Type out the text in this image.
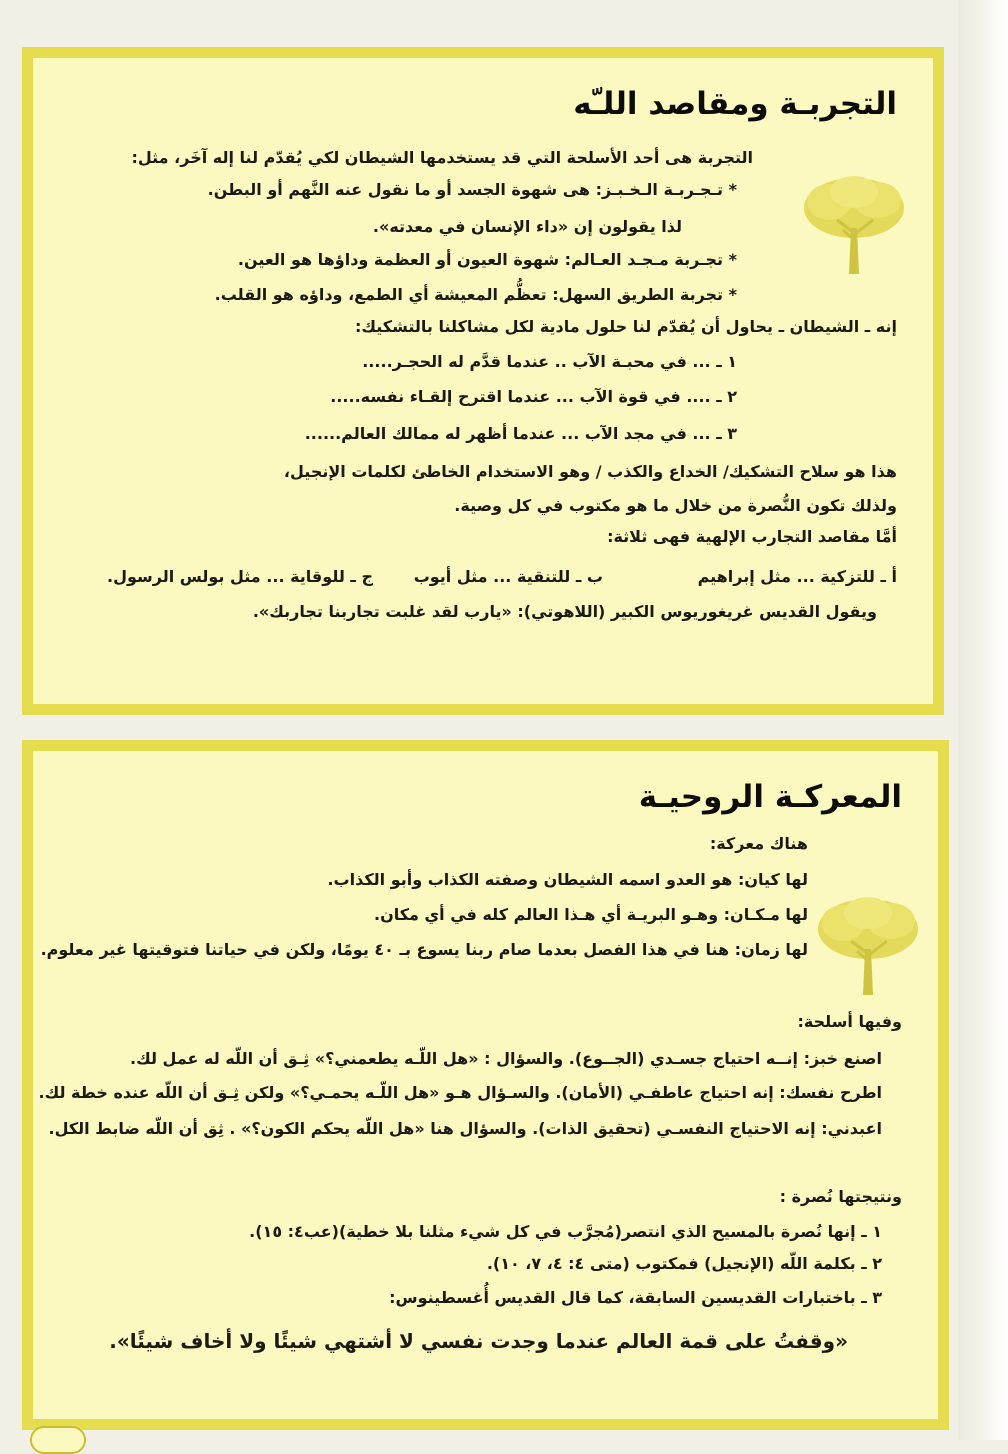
التجربـة ومقاصد اللـّه
التجربة هى أحد الأسلحة التي قد يستخدمها الشيطان لكي يُقدّم لنا إله آخَر، مثل:
* تـجـربـة الـخـبـز: هى شهوة الجسد أو ما نقول عنه النَّهم أو البطن.
لذا يقولون إن «داء الإنسان في معدته».
* تجـربة مـجـد العـالم: شهوة العيون أو العظمة وداؤها هو العين.
* تجربة الطريق السهل: تعظُّم المعيشة أي الطمع، وداؤه هو القلب.
إنه ـ الشيطان ـ يحاول أن يُقدّم لنا حلول مادية لكل مشاكلنا بالتشكيك:
١ ـ ... في محبـة الآب .. عندما قدَّم له الحجـر.....
٢ ـ .... في قوة الآب ... عندما اقترح إلقـاء نفسه.....
٣ ـ ... في مجد الآب ... عندما أظهر له ممالك العالم......
هذا هو سلاح التشكيك/ الخداع والكذب / وهو الاستخدام الخاطئ لكلمات الإنجيل،
ولذلك تكون النُّصرة من خلال ما هو مكتوب في كل وصية.
أمَّا مقاصد التجارب الإلهية فهى ثلاثة:
أ ـ للتزكية ... مثل إبراهيم
ب ـ للتنقية ... مثل أيوب
ج ـ للوقاية ... مثل بولس الرسول.
ويقول القديس غريغوريوس الكبير (اللاهوتي): «يارب لقد غلبت تجاربنا تجاربك».
المعركـة الروحيـة
هناك معركة:
لها كيان: هو العدو اسمه الشيطان وصفته الكذاب وأبو الكذاب.
لها مـكـان: وهـو البريـة أي هـذا العالم كله في أي مكان.
لها زمان: هنا في هذا الفصل بعدما صام ربنا يسوع بـ ٤٠ يومًا، ولكن في حياتنا فتوقيتها غير معلوم.
وفيها أسلحة:
اصنع خبز: إنــه احتياج جسـدي (الجــوع). والسؤال : «هل اللّـه يطعمني؟» ثِـق أن اللّه له عمل لك.
اطرح نفسك: إنه احتياج عاطفـي (الأمان). والسـؤال هـو «هل اللّـه يحمـي؟» ولكن ثِـق أن اللّه عنده خطة لك.
اعبدني: إنه الاحتياج النفسـي (تحقيق الذات). والسؤال هنا «هل اللّه يحكم الكون؟» . ثِق أن اللّه ضابط الكل.
ونتيجتها نُصرة :
١ ـ إنها نُصرة بالمسيح الذي انتصر(مُجرَّب في كل شيء مثلنا بلا خطية)(عب٤: ١٥).
٢ ـ بكلمة اللّه (الإنجيل) فمكتوب (متى ٤: ٤، ٧، ١٠).
٣ ـ باختبارات القديسين السابقة، كما قال القديس أُغسطينوس:
«وقفتُ على قمة العالم عندما وجدت نفسي لا أشتهي شيئًا ولا أخاف شيئًا».
